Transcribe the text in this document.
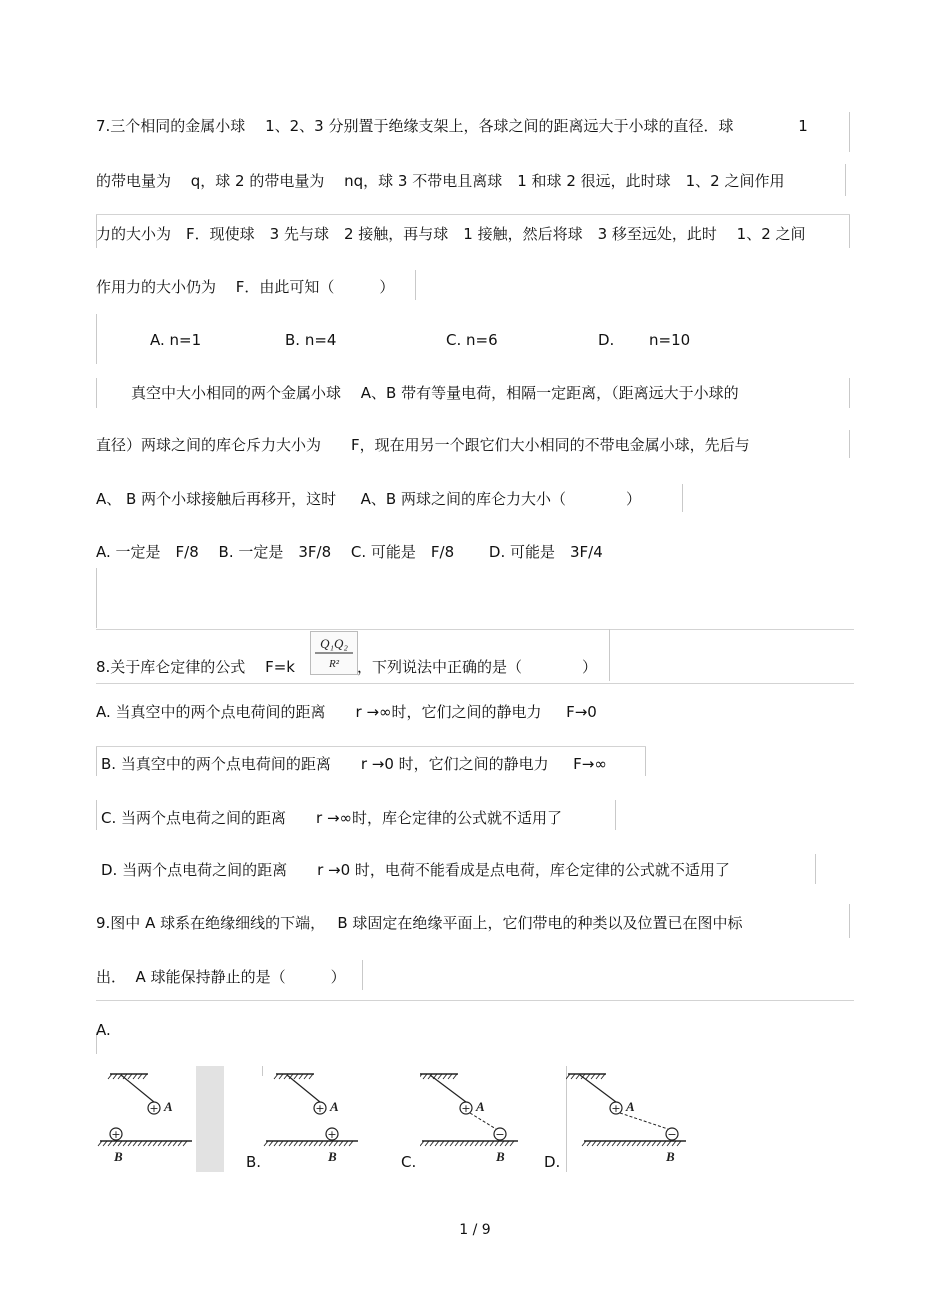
7.三个相同的金属小球　 1、2、3 分别置于绝缘支架上，各球之间的距离远大于小球的直径．球　　　　 1
的带电量为　 q，球 2 的带电量为　 nq，球 3 不带电且离球　1 和球 2 很远，此时球　1、2 之间作用
力的大小为　F．现使球　3 先与球　2 接触，再与球　1 接触，然后将球　3 移至远处，此时　 1、2 之间
作用力的大小仍为　 F．由此可知（　　　）
A. n=1	B. n=4	C. n=6	D. n=10
真空中大小相同的两个金属小球　 A、B 带有等量电荷，相隔一定距离，（距离远大于小球的
直径）两球之间的库仑斥力大小为　　F，现在用另一个跟它们大小相同的不带电金属小球，先后与
A、 B 两个小球接触后再移开，这时　  A、B 两球之间的库仑力大小（　　　　）
A. 一定是　F/8　 B. 一定是　3F/8　 C. 可能是　F/8　　 D. 可能是　3F/4
8.关于库仑定律的公式　 F=k
Q₁Q₂
R² ，下列说法中正确的是（　　　　）
A. 当真空中的两个点电荷间的距离　　r →∞时，它们之间的静电力　  F→0
B. 当真空中的两个点电荷间的距离　　r →0 时，它们之间的静电力　  F→∞
C. 当两个点电荷之间的距离　　r →∞时，库仑定律的公式就不适用了
D. 当两个点电荷之间的距离　　r →0 时，电荷不能看成是点电荷，库仑定律的公式就不适用了
9.图中 A 球系在绝缘细线的下端，　 B 球固定在绝缘平面上，它们带电的种类以及位置已在图中标
出．  A 球能保持静止的是（　　　）
A.
B.	C.	D.
+ A
+
B
+ A
+
B
+ A
−
B
+ A
−
B
1 / 9
